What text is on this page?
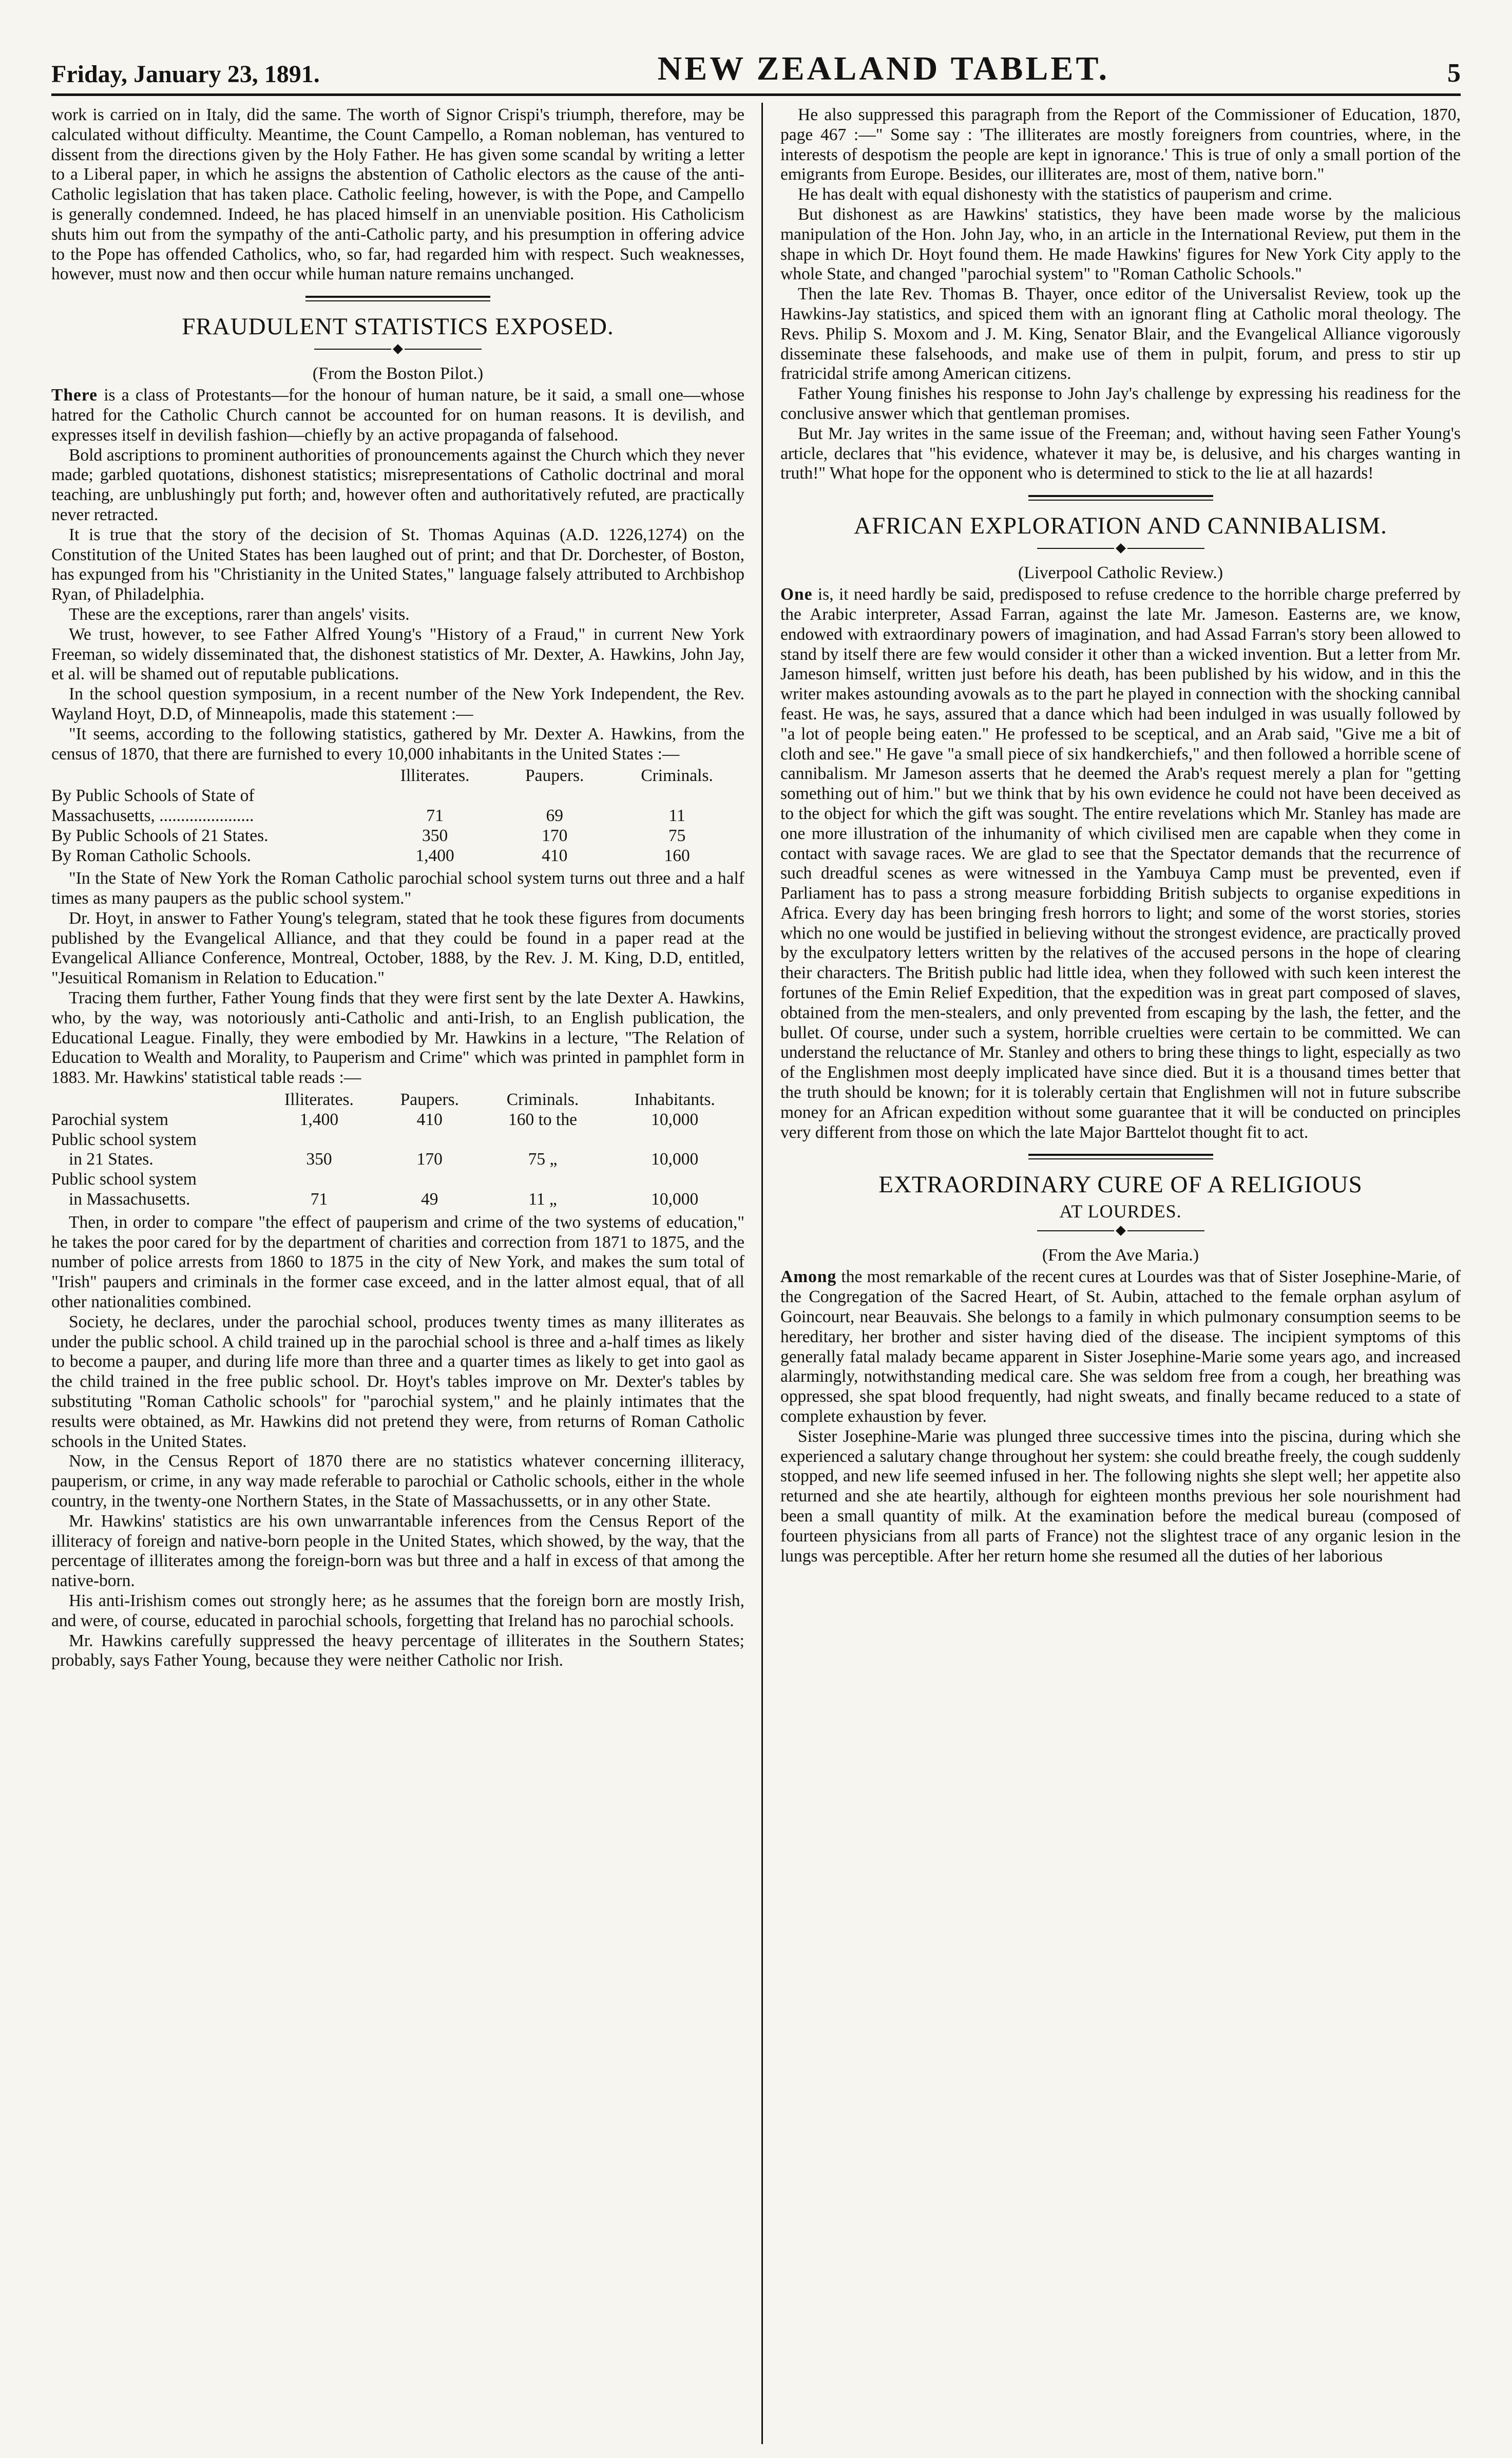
Friday, January 23, 1891.	NEW ZEALAND TABLET.	5

work is carried on in Italy, did the same. The worth of Signor Crispi's triumph, therefore, may be calculated without difficulty. Meantime, the Count Campello, a Roman nobleman, has ventured to dissent from the directions given by the Holy Father. He has given some scandal by writing a letter to a Liberal paper, in which he assigns the abstention of Catholic electors as the cause of the anti-Catholic legislation that has taken place. Catholic feeling, however, is with the Pope, and Campello is generally condemned. Indeed, he has placed himself in an unenviable position. His Catholicism shuts him out from the sympathy of the anti-Catholic party, and his presumption in offering advice to the Pope has offended Catholics, who, so far, had regarded him with respect. Such weaknesses, however, must now and then occur while human nature remains unchanged.

FRAUDULENT STATISTICS EXPOSED.
(From the Boston Pilot.)

There is a class of Protestants—for the honour of human nature, be it said, a small one—whose hatred for the Catholic Church cannot be accounted for on human reasons. It is devilish, and expresses itself in devilish fashion—chiefly by an active propaganda of falsehood.

Bold ascriptions to prominent authorities of pronouncements against the Church which they never made; garbled quotations, dishonest statistics; misrepresentations of Catholic doctrinal and moral teaching, are unblushingly put forth; and, however often and authoritatively refuted, are practically never retracted.

It is true that the story of the decision of St. Thomas Aquinas (A.D. 1226,1274) on the Constitution of the United States has been laughed out of print; and that Dr. Dorchester, of Boston, has expunged from his "Christianity in the United States," language falsely attributed to Archbishop Ryan, of Philadelphia.

These are the exceptions, rarer than angels' visits.

We trust, however, to see Father Alfred Young's "History of a Fraud," in current New York Freeman, so widely disseminated that, the dishonest statistics of Mr. Dexter, A. Hawkins, John Jay, et al. will be shamed out of reputable publications.

In the school question symposium, in a recent number of the New York Independent, the Rev. Wayland Hoyt, D.D, of Minneapolis, made this statement :—

"It seems, according to the following statistics, gathered by Mr. Dexter A. Hawkins, from the census of 1870, that there are furnished to every 10,000 inhabitants in the United States :—

	Illiterates.	Paupers.	Criminals.
By Public Schools of State of			
Massachusetts, ......................	71	69	11
By Public Schools of 21 States.	350	170	75
By Roman Catholic Schools.	1,400	410	160

"In the State of New York the Roman Catholic parochial school system turns out three and a half times as many paupers as the public school system."

Dr. Hoyt, in answer to Father Young's telegram, stated that he took these figures from documents published by the Evangelical Alliance, and that they could be found in a paper read at the Evangelical Alliance Conference, Montreal, October, 1888, by the Rev. J. M. King, D.D, entitled, "Jesuitical Romanism in Relation to Education."

Tracing them further, Father Young finds that they were first sent by the late Dexter A. Hawkins, who, by the way, was notoriously anti-Catholic and anti-Irish, to an English publication, the Educational League. Finally, they were embodied by Mr. Hawkins in a lecture, "The Relation of Education to Wealth and Morality, to Pauperism and Crime" which was printed in pamphlet form in 1883. Mr. Hawkins' statistical table reads :—

	Illiterates.	Paupers.	Criminals.	Inhabitants.
Parochial system	1,400	410	160 to the	10,000
Public school system				
in 21 States.	350	170	75 „	10,000
Public school system				
in Massachusetts.	71	49	11 „	10,000

Then, in order to compare "the effect of pauperism and crime of the two systems of education," he takes the poor cared for by the department of charities and correction from 1871 to 1875, and the number of police arrests from 1860 to 1875 in the city of New York, and makes the sum total of "Irish" paupers and criminals in the former case exceed, and in the latter almost equal, that of all other nationalities combined.

Society, he declares, under the parochial school, produces twenty times as many illiterates as under the public school. A child trained up in the parochial school is three and a-half times as likely to become a pauper, and during life more than three and a quarter times as likely to get into gaol as the child trained in the free public school. Dr. Hoyt's tables improve on Mr. Dexter's tables by substituting "Roman Catholic schools" for "parochial system," and he plainly intimates that the results were obtained, as Mr. Hawkins did not pretend they were, from returns of Roman Catholic schools in the United States.

Now, in the Census Report of 1870 there are no statistics whatever concerning illiteracy, pauperism, or crime, in any way made referable to parochial or Catholic schools, either in the whole country, in the twenty-one Northern States, in the State of Massachussetts, or in any other State.

Mr. Hawkins' statistics are his own unwarrantable inferences from the Census Report of the illiteracy of foreign and native-born people in the United States, which showed, by the way, that the percentage of illiterates among the foreign-born was but three and a half in excess of that among the native-born.

His anti-Irishism comes out strongly here; as he assumes that the foreign born are mostly Irish, and were, of course, educated in parochial schools, forgetting that Ireland has no parochial schools.

Mr. Hawkins carefully suppressed the heavy percentage of illiterates in the Southern States; probably, says Father Young, because they were neither Catholic nor Irish.

He also suppressed this paragraph from the Report of the Commissioner of Education, 1870, page 467 :—" Some say : 'The illiterates are mostly foreigners from countries, where, in the interests of despotism the people are kept in ignorance.' This is true of only a small portion of the emigrants from Europe. Besides, our illiterates are, most of them, native born."

He has dealt with equal dishonesty with the statistics of pauperism and crime.

But dishonest as are Hawkins' statistics, they have been made worse by the malicious manipulation of the Hon. John Jay, who, in an article in the International Review, put them in the shape in which Dr. Hoyt found them. He made Hawkins' figures for New York City apply to the whole State, and changed "parochial system" to "Roman Catholic Schools."

Then the late Rev. Thomas B. Thayer, once editor of the Universalist Review, took up the Hawkins-Jay statistics, and spiced them with an ignorant fling at Catholic moral theology. The Revs. Philip S. Moxom and J. M. King, Senator Blair, and the Evangelical Alliance vigorously disseminate these falsehoods, and make use of them in pulpit, forum, and press to stir up fratricidal strife among American citizens.

Father Young finishes his response to John Jay's challenge by expressing his readiness for the conclusive answer which that gentleman promises.

But Mr. Jay writes in the same issue of the Freeman; and, without having seen Father Young's article, declares that "his evidence, whatever it may be, is delusive, and his charges wanting in truth!" What hope for the opponent who is determined to stick to the lie at all hazards!

AFRICAN EXPLORATION AND CANNIBALISM.
(Liverpool Catholic Review.)

One is, it need hardly be said, predisposed to refuse credence to the horrible charge preferred by the Arabic interpreter, Assad Farran, against the late Mr. Jameson. Easterns are, we know, endowed with extraordinary powers of imagination, and had Assad Farran's story been allowed to stand by itself there are few would consider it other than a wicked invention. But a letter from Mr. Jameson himself, written just before his death, has been published by his widow, and in this the writer makes astounding avowals as to the part he played in connection with the shocking cannibal feast. He was, he says, assured that a dance which had been indulged in was usually followed by "a lot of people being eaten." He professed to be sceptical, and an Arab said, "Give me a bit of cloth and see." He gave "a small piece of six handkerchiefs," and then followed a horrible scene of cannibalism. Mr Jameson asserts that he deemed the Arab's request merely a plan for "getting something out of him." but we think that by his own evidence he could not have been deceived as to the object for which the gift was sought. The entire revelations which Mr. Stanley has made are one more illustration of the inhumanity of which civilised men are capable when they come in contact with savage races. We are glad to see that the Spectator demands that the recurrence of such dreadful scenes as were witnessed in the Yambuya Camp must be prevented, even if Parliament has to pass a strong measure forbidding British subjects to organise expeditions in Africa. Every day has been bringing fresh horrors to light; and some of the worst stories, stories which no one would be justified in believing without the strongest evidence, are practically proved by the exculpatory letters written by the relatives of the accused persons in the hope of clearing their characters. The British public had little idea, when they followed with such keen interest the fortunes of the Emin Relief Expedition, that the expedition was in great part composed of slaves, obtained from the men-stealers, and only prevented from escaping by the lash, the fetter, and the bullet. Of course, under such a system, horrible cruelties were certain to be committed. We can understand the reluctance of Mr. Stanley and others to bring these things to light, especially as two of the Englishmen most deeply implicated have since died. But it is a thousand times better that the truth should be known; for it is tolerably certain that Englishmen will not in future subscribe money for an African expedition without some guarantee that it will be conducted on principles very different from those on which the late Major Barttelot thought fit to act.

EXTRAORDINARY CURE OF A RELIGIOUS
AT LOURDES.
(From the Ave Maria.)

Among the most remarkable of the recent cures at Lourdes was that of Sister Josephine-Marie, of the Congregation of the Sacred Heart, of St. Aubin, attached to the female orphan asylum of Goincourt, near Beauvais. She belongs to a family in which pulmonary consumption seems to be hereditary, her brother and sister having died of the disease. The incipient symptoms of this generally fatal malady became apparent in Sister Josephine-Marie some years ago, and increased alarmingly, notwithstanding medical care. She was seldom free from a cough, her breathing was oppressed, she spat blood frequently, had night sweats, and finally became reduced to a state of complete exhaustion by fever.

Sister Josephine-Marie was plunged three successive times into the piscina, during which she experienced a salutary change throughout her system: she could breathe freely, the cough suddenly stopped, and new life seemed infused in her. The following nights she slept well; her appetite also returned and she ate heartily, although for eighteen months previous her sole nourishment had been a small quantity of milk. At the examination before the medical bureau (composed of fourteen physicians from all parts of France) not the slightest trace of any organic lesion in the lungs was perceptible. After her return home she resumed all the duties of her laborious
